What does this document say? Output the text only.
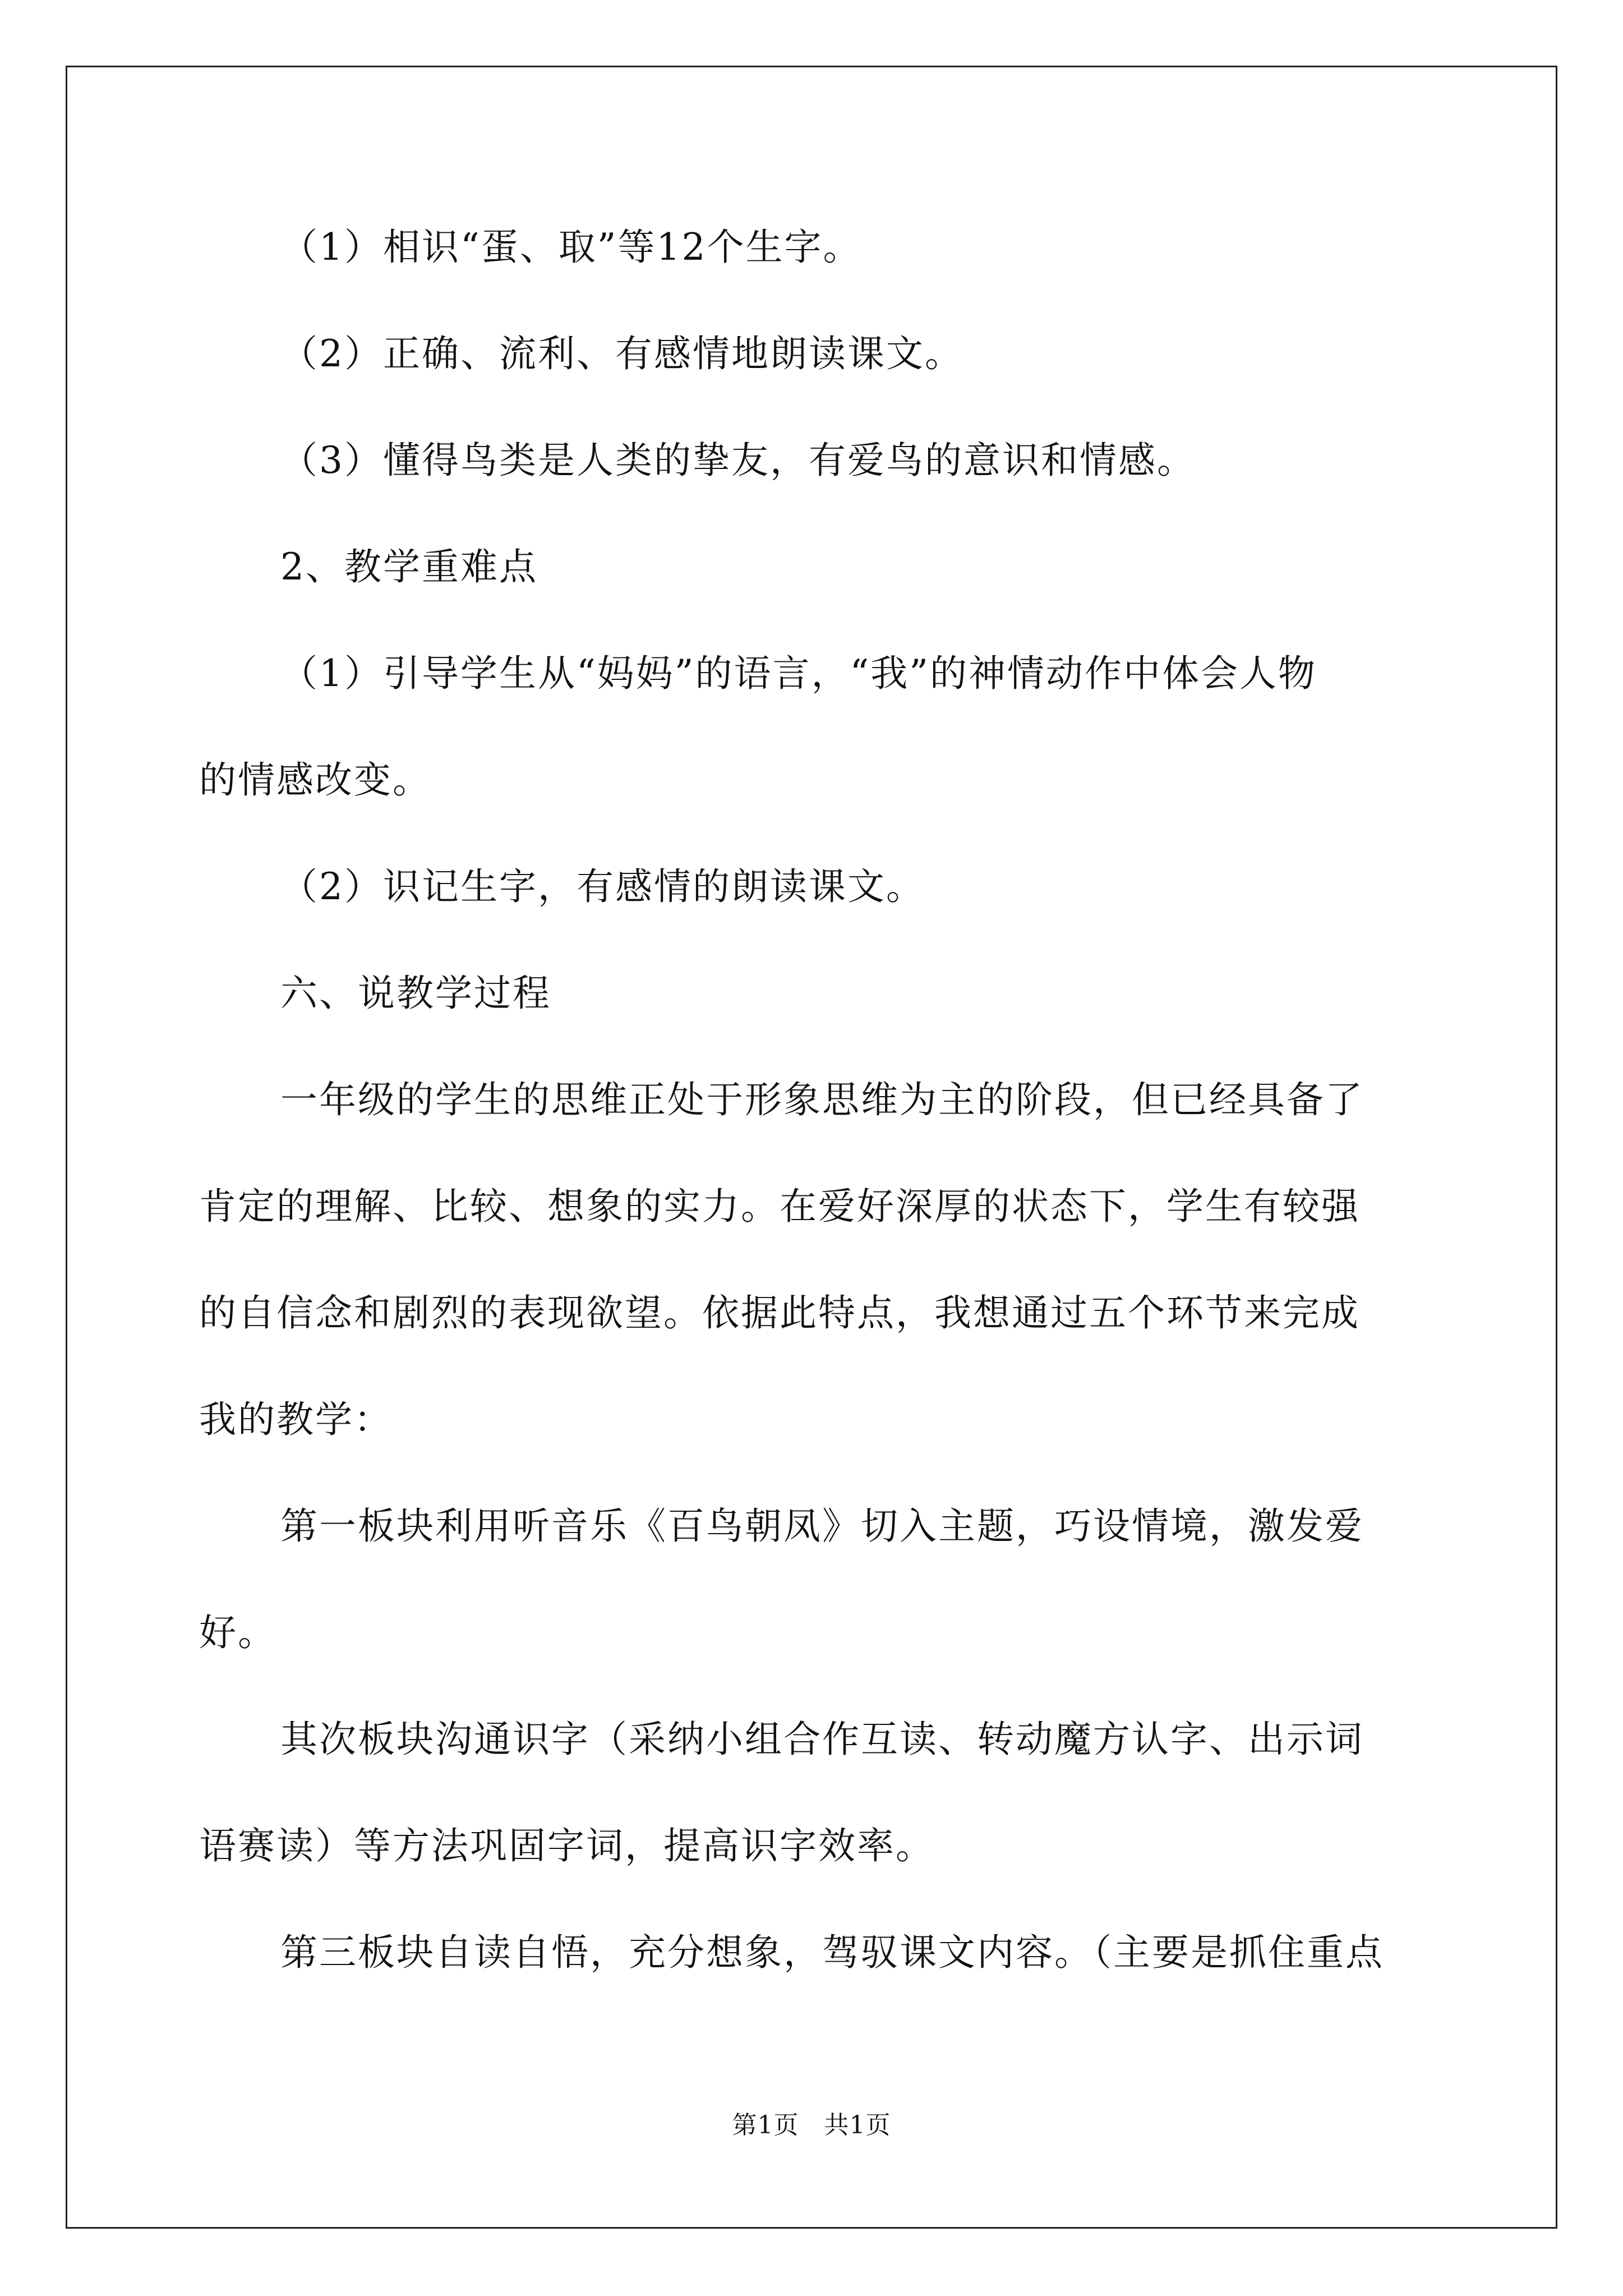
（1）相识“蛋、取”等12个生字。
（2）正确、流利、有感情地朗读课文。
（3）懂得鸟类是人类的挚友，有爱鸟的意识和情感。
2、教学重难点
（1）引导学生从“妈妈”的语言，“我”的神情动作中体会人物
的情感改变。
（2）识记生字，有感情的朗读课文。
六、说教学过程
一年级的学生的思维正处于形象思维为主的阶段，但已经具备了
肯定的理解、比较、想象的实力。在爱好深厚的状态下，学生有较强
的自信念和剧烈的表现欲望。依据此特点，我想通过五个环节来完成
我的教学：
第一板块利用听音乐《百鸟朝凤》切入主题，巧设情境，激发爱
好。
其次板块沟通识字（采纳小组合作互读、转动魔方认字、出示词
语赛读）等方法巩固字词，提高识字效率。
第三板块自读自悟，充分想象，驾驭课文内容。（主要是抓住重点
第1页　共1页
